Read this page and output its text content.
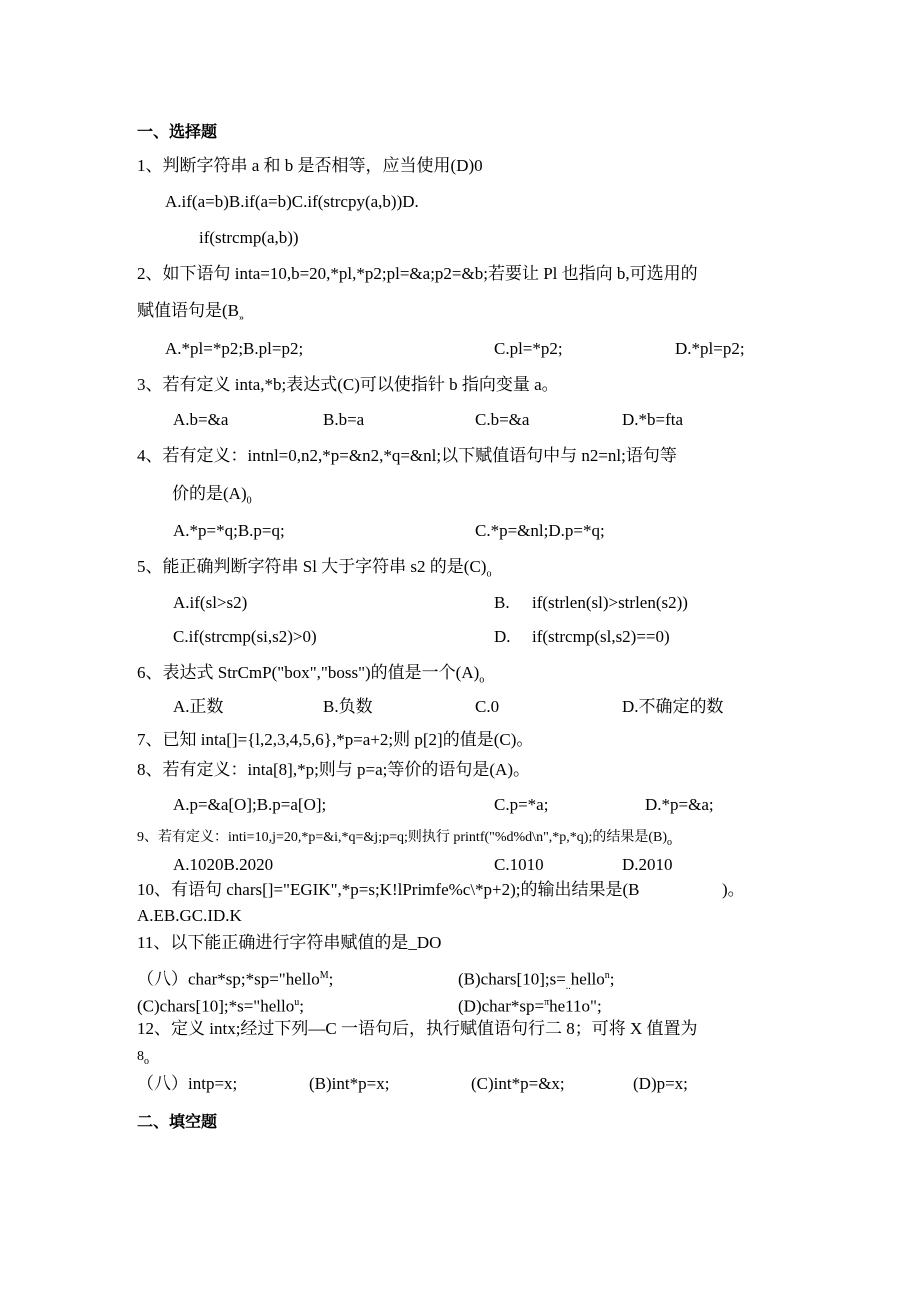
一、选择题
1、判断字符串 a 和 b 是否相等，应当使用(D)0
A.if(a=b)B.if(a=b)C.if(strcpy(a,b))D.
if(strcmp(a,b))
2、如下语句 inta=10,b=20,*pl,*p2;pl=&a;p2=&b;若要让 Pl 也指向 b,可选用的
赋值语句是($B_»$
A.*pl=*p2;B.pl=p2;	C.pl=*p2;	D.*pl=p2;
3、若有定义 inta,*b;表达式(C)可以使指针 b 指向变量 a。
A.b=&a	B.b=a	C.b=&a	D.*b=fta
4、若有定义：intnl=0,n2,*p=&n2,*q=&nl;以下赋值语句中与 n2=nl;语句等
价的是$(A)_0$
A.*p=*q;B.p=q;	C.*p=&nl;D.p=*q;
5、能正确判断字符串 Sl 大于字符串 s2 的是$(C)_o$
A.if(sl>s2)	B. if(strlen(sl)>strlen(s2))
C.if(strcmp(si,s2)>0)	D. if(strcmp(sl,s2)==0)
6、表达式 StrCmP("box","boss")的值是一个$(A)_o$
A.正数	B.负数	C.0	D.不确定的数
7、已知 inta[]={l,2,3,4,5,6},*p=a+2;则 p[2]的值是(C)。
8、若有定义：inta[8],*p;则与 p=a;等价的语句是(A)。
A.p=&a[O];B.p=a[O];	C.p=*a;	D.*p=&a;
9、若有定义：inti=10,j=20,*p=&i,*q=&j;p=q;则执行 printf("%d%d\n",*p,*q);的结果是$(B)_o$
A.1020B.2020	C.1010	D.2010
10、有语句 chars[]="EGIK",*p=s;K!lPrimfe%c\*p+2);的输出结果是(B	)。
A.EB.GC.ID.K
11、以下能正确进行字符串赋值的是_DO
（八）char*sp;*sp="hello$^M$;	$(B)chars[10];s=_{..}hello^n$;
(C)chars[10];*s="hello$^u$;	(D)char*sp=$^\pi$he11o";
12、定义 intx;经过下列—C 一语句后，执行赋值语句行二 8；可将 X 值置为
$8_o$
（八）intp=x;	(B)int*p=x;	(C)int*p=&x;	(D)p=x;
二、填空题
